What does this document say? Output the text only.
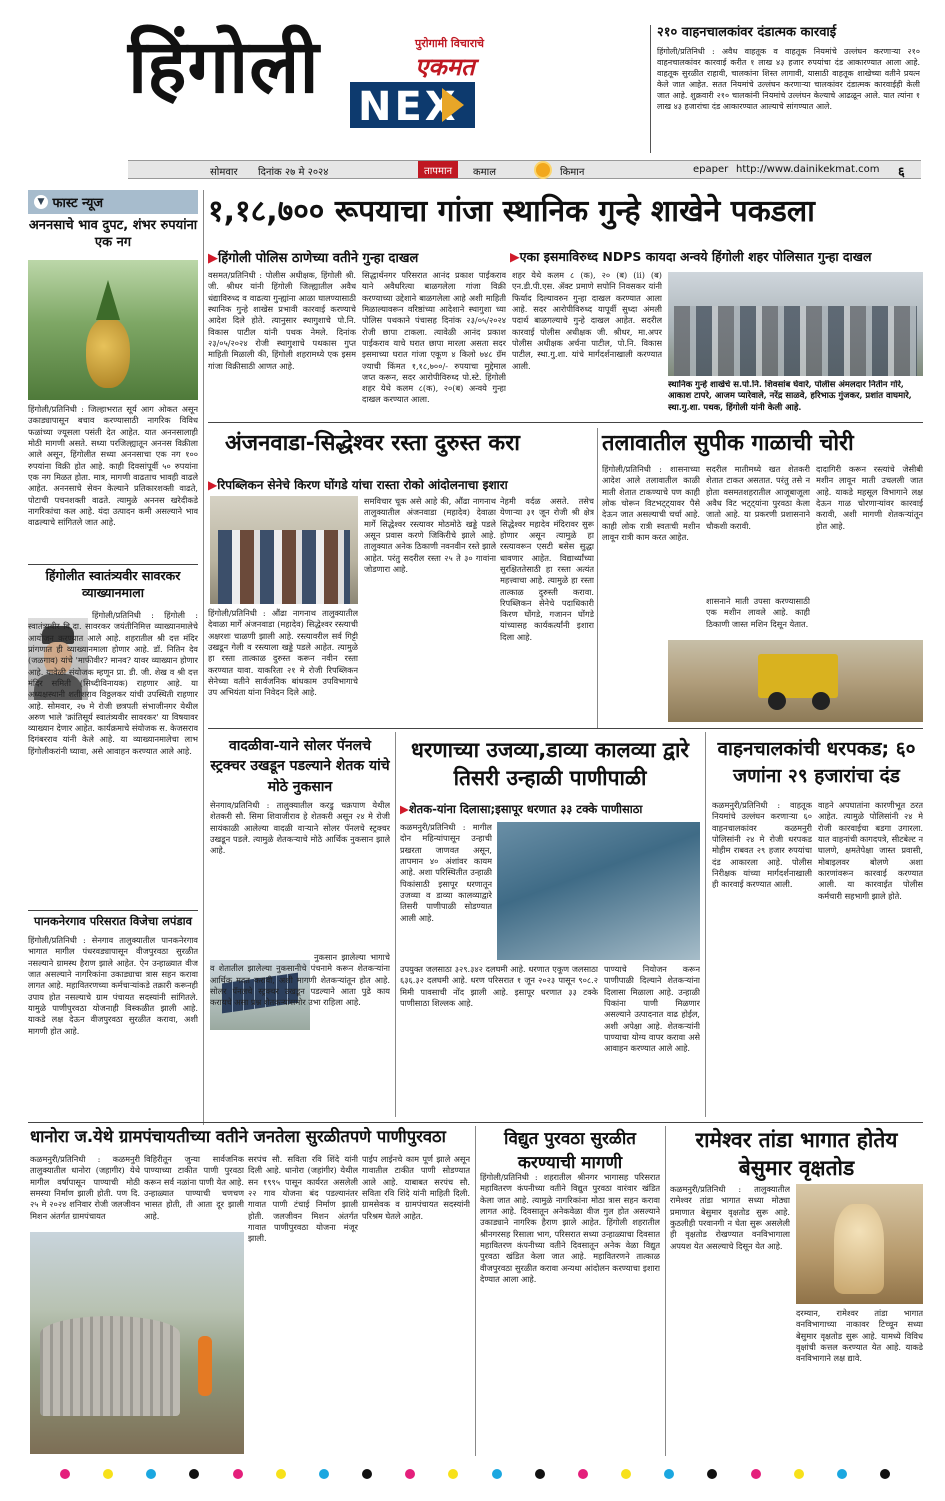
हिंगोली	पुरोगामी विचाराचे
एकमत
NEX
२१० वाहनचालकांवर दंडात्मक कारवाई
हिंगोली/प्रतिनिधी : अवैध वाहतूक व वाहतूक नियमांचे उल्लंघन करणाऱ्या २१० वाहनचालकांवर कारवाई करीत १ लाख ४३ हजार रुपयांचा दंड आकारण्यात आला आहे. वाहतूक सुरळीत राहावी, चालकांना शिस्त लागावी, यासाठी वाहतूक शाखेच्या वतीने प्रयत्न केले जात आहेत. सतत नियमांचे उल्लंघन करणाऱ्या चालकांवर दंडात्मक कारवाईही केली जात आहे. शुक्रवारी २१० चालकांनी नियमांचे उल्लंघन केल्याचे आढळून आले. यात त्यांना १ लाख ४३ हजारांचा दंड आकारण्यात आल्याचे सांगण्यात आले.
सोमवार दिनांक २७ मे २०२४	तापमान	कमाल	किमान	epaper http://www.dainikekmat.com ६
▼ फास्ट न्यूज
अननसाचे भाव दुपट, शंभर रुपयांना एक नग
हिंगोली/प्रतिनिधी : जिल्हाभरात सूर्य आग ओकत असून उकाड्यापासून बचाव करण्यासाठी नागरिक विविध फळांच्या ज्यूसला पसंती देत आहेत. यात अननसालाही मोठी मागणी असते. सध्या परजिल्ह्यातून अननस विक्रीला आले असून, हिंगोलीत सध्या अननसाचा एक नग १०० रुपयांना विक्री होत आहे. काही दिवसांपूर्वी ५० रुपयांना एक नग मिळत होता. मात्र, मागणी वाढताच भावही वाढले आहेत. अननसाचे सेवन केल्याने प्रतिकारशक्ती वाढते, पोटाची पचनशक्ती वाढते. त्यामुळे अननस खरेदीकडे नागरिकांचा कल आहे. यंदा उत्पादन कमी असल्याने भाव वाढल्याचे सांगितले जात आहे.
हिंगोलीत स्वातंत्र्यवीर सावरकर व्याख्यानमाला
हिंगोली/प्रतिनिधी : हिंगोली : स्वातंत्र्यवीर वि.दा. सावरकर जयंतीनिमित्त व्याख्यानमालेचे आयोजन करण्यात आले आहे. शहरातील श्री दत्त मंदिर प्रांगणात ही व्याख्यानमाला होणार आहे. डॉ. नितिन देव (जळगाव) यांचे 'माफीवीर? मानव? यावर व्याख्यान होणार आहे. यावेळी संयोजक म्हणून प्रा. डी. जी. शेख व श्री दत्त मंदिर समिती (सिध्दीविनायक) राहणार आहे. या अध्यक्षस्थानी शतीशराव विठ्ठलकर यांची उपस्थिती राहणार आहे. सोमवार, २७ मे रोजी छत्रपती संभाजीनगर येथील अरुण भाले 'क्रांतिसूर्य स्वातंत्र्यवीर सावरकर' या विषयावर व्याख्यान देणार आहेत. कार्यक्रमाचे संयोजक स. केजसराव दिगंबरराव यांनी केले आहे. या व्याख्यानमालेचा लाभ हिंगोलीकरांनी घ्यावा, असे आवाहन करण्यात आले आहे.
पानकनेरगाव परिसरात विजेचा लपंडाव
हिंगोली/प्रतिनिधी : सेनगाव तालुक्यातील पानकनेरगाव भागात मागील पंधरवड्यापासून वीजपुरवठा सुरळीत नसल्याने ग्रामस्थ हैराण झाले आहेत. ऐन उन्हाळ्यात वीज जात असल्याने नागरिकांना उकाड्याचा त्रास सहन करावा लागत आहे. महावितरणच्या कर्मचाऱ्यांकडे तक्रारी करूनही उपाय होत नसल्याचे ग्राम पंचायत सदस्यांनी सांगितले. यामुळे पाणीपुरवठा योजनाही विस्कळीत झाली आहे. याकडे लक्ष देऊन वीजपुरवठा सुरळीत करावा, अशी मागणी होत आहे.
१,१८,७०० रूपयाचा गांजा स्थानिक गुन्हे शाखेने पकडला
▶हिंगोली पोलिस ठाणेच्या वतीने गुन्हा दाखल	▶एका इसमाविरुध्द NDPS कायदा अन्वये हिंगोली शहर पोलिसात गुन्हा दाखल
वसमत/प्रतिनिधी : पोलीस अधीक्षक, हिंगोली श्री. जी. श्रीधर यांनी हिंगोली जिल्ह्यातील अवैध धंद्याविरुध्द व वाढत्या गुन्ह्यांना आळा घालण्यासाठी स्थानिक गुन्हे शाखेस प्रभावी कारवाई करण्याचे आदेश दिले होते. त्यानुसार स्थागुशाचे पो.नि. विकास पाटील यांनी पथक नेमले. दिनांक २३/०५/२०२४ रोजी स्थागुशाचे पथकास गुप्त माहिती मिळाली की, हिंगोली शहरामध्ये एक इसम गांजा विक्रीसाठी आणत आहे.
सिद्धार्थनगर परिसरात आनंद प्रकाश पाईकराव याने अवैधरित्या बाळगलेला गांजा विक्री करण्याच्या उद्देशाने बाळगलेला आहे अशी माहिती मिळाल्यावरून वरिष्ठांच्या आदेशाने स्थागुशा च्या पोलिस पथकाने पंचासह दिनांक २३/०५/२०२४ रोजी छापा टाकला. त्यावेळी आनंद प्रकाश पाईकराव याचे घरात छापा मारला असता सदर इसमाच्या घरात गांजा एकूण ४ किलो ७४८ ग्रॅम ज्याची किंमत १,१८,७००/- रुपयाचा मुद्देमाल जप्त करून, सदर आरोपीविरुध्द पो.स्टे. हिंगोली शहर येथे कलम ८(क), २०(ब) अन्वये गुन्हा दाखल करण्यात आला.
शहर येथे कलम ८ (क), २० (ब) (ii) (ब) एन.डी.पी.एस. ॲक्ट प्रमाणे सपोनि निवसकर यांनी फिर्याद दिल्यावरुन गुन्हा दाखल करण्यात आला आहे. सदर आरोपीविरुध्द यापूर्वी सुध्दा अंमली पदार्थ बाळगल्याचे गुन्हे दाखल आहेत. सदरील कारवाई पोलीस अधीक्षक जी. श्रीधर, मा.अपर पोलीस अधीक्षक अर्चना पाटील, पो.नि. विकास पाटील, स्था.गु.शा. यांचे मार्गदर्शनाखाली करण्यात आली.
स्थानिक गुन्हे शाखेचे स.पो.नि. शिवसांब घेवारे, पोलीस अंमलदार नितीन गोरे, आकाश टापरे, आजम प्यारेवाले, नरेंद्र साळवे, हरिभाऊ गुंजकर, प्रशांत वाघमारे, स्था.गु.शा. पथक, हिंगोली यांनी केली आहे.
अंजनवाडा-सिद्धेश्वर रस्ता दुरुस्त करा
▶रिपब्लिकन सेनेचे किरण घोंगडे यांचा रास्ता रोको आंदोलनाचा इशारा
हिंगोली/प्रतिनिधी : औंढा नागनाथ तालुक्यातील देवाळा मार्गे अंजनवाडा (महादेव) सिद्धेश्वर रस्त्याची अक्षरशः चाळणी झाली आहे. रस्त्यावरील सर्व गिट्टी उखडून गेली व रस्त्याला खड्डे पडले आहेत. त्यामुळे हा रस्ता तात्काळ दुरुस्त करून नवीन रस्ता करण्यात यावा. याकरिता २१ मे रोजी रिपब्लिकन सेनेच्या वतीने सार्वजनिक बांधकाम उपविभागाचे उप अभियंता यांना निवेदन दिले आहे.
समविचार चूक असे आहे की, औंढा नागनाथ तालुक्यातील अंजनवाडा (महादेव) देवाळा मार्गे सिद्धेश्वर रस्त्यावर मोठमोठे खड्डे पडले असून प्रवास करणे जिकिरीचे झाले आहे. तालुक्यात अनेक ठिकाणी नवनवीन रस्ते झाले आहेत. परंतु सदरील रस्ता २५ ते ३० गावांना जोडणारा आहे.
नेहमी वर्दळ असते. तसेच येणाऱ्या ३१ जून रोजी श्री क्षेत्र सिद्धेश्वर महादेव मंदिरावर सुरू होणार असून त्यामुळे हा रस्त्यावरून एसटी बसेस सुद्धा धावणार आहेत. विद्यार्थ्यांच्या सुरक्षिततेसाठी हा रस्ता अत्यंत महत्त्वाचा आहे. त्यामुळे हा रस्ता तात्काळ दुरुस्ती करावा. रिपब्लिकन सेनेचे पदाधिकारी किरण घोंगडे, गजानन घोंगडे यांच्यासह कार्यकर्त्यांनी इशारा दिला आहे.
तलावातील सुपीक गाळाची चोरी
हिंगोली/प्रतिनिधी : शासनाच्या आदेश आले तलावातील काळी माती शेतात टाकण्याचे पण काही लोक चोरून विटभट्ट्यावर पैसे देऊन जात असल्याची चर्चा आहे. काही लोक रात्री स्वतःची मशीन लावून रात्री काम करत आहेत.
सदरील मातीमध्ये खत शेतकरी शेतात टाकत असतात. परंतु तसे न होता वसमतशहरातील आजूबाजूला अवैध विट भट्ट्यांना पुरवठा केला जातो आहे. या प्रकरणी प्रशासनाने चौकशी करावी.
दादागिरी करून रस्त्यांचे जेसीबी मशीन लावून माती उचलली जात आहे. याकडे महसूल विभागाने लक्ष देऊन गाळ चोरणाऱ्यांवर कारवाई करावी, अशी मागणी शेतकऱ्यांतून होत आहे.
शासनाने माती उपसा करण्यासाठी एक मशीन लावले आहे. काही ठिकाणी जास्त मशिन दिसून येतात.
वादळीवा-याने सोलर पॅनलचे स्ट्रक्चर उखडून पडल्याने शेतक यांचे मोठे नुकसान
सेनगाव/प्रतिनिधी : तालुक्यातील करडु चक्रपाण येथील शेतकरी सौ. सिमा शिवाजीराव हे शेतकरी असून २४ मे रोजी सायंकाळी आलेल्या वादळी वाऱ्याने सोलर पॅनलचे स्ट्रक्चर उखडून पडले. त्यामुळे शेतकऱ्याचे मोठे आर्थिक नुकसान झाले आहे.
नुकसान झालेल्या भागाचे व शेतातील झालेल्या नुकसानीचे पंचनामे करून शेतकऱ्यांना आर्थिक मदत करावी, अशी मागणी शेतकऱ्यांतून होत आहे. सोलर पॅनलचे स्ट्रक्चर उखडून पडल्याने आता पुढे काय करायचे असा प्रश्न शेतकऱ्यांसमोर उभा राहिला आहे.
धरणाच्या उजव्या,डाव्या कालव्या द्वारे तिसरी उन्हाळी पाणीपाळी
▶शेतक-यांना दिलासा;इसापूर धरणात ३३ टक्के पाणीसाठा
कळमनुरी/प्रतिनिधी : मागील दोन महिन्यांपासून उन्हाची प्रखरता जाणवत असून, तापमान ४० अंशांवर कायम आहे. अशा परिस्थितीत उन्हाळी पिकांसाठी इसापूर धरणातून उजव्या व डाव्या कालव्याद्वारे तिसरी पाणीपाळी सोडण्यात आली आहे.
उपयुक्त जलसाठा ३२९.३४२ दलघमी आहे. धरणात एकूण जलसाठा ६३६.३२ दलघमी आहे. धरण परिसरात १ जून २०२३ पासून ९०८.२ मिमी पावसाची नोंद झाली आहे. इसापूर धरणात ३३ टक्के पाणीसाठा शिल्लक आहे.
पाण्याचे नियोजन करून पाणीपाळी दिल्याने शेतकऱ्यांना दिलासा मिळाला आहे. उन्हाळी पिकांना पाणी मिळणार असल्याने उत्पादनात वाढ होईल, अशी अपेक्षा आहे. शेतकऱ्यांनी पाण्याचा योग्य वापर करावा असे आवाहन करण्यात आले आहे.
वाहनचालकांची धरपकड; ६० जणांना २९ हजारांचा दंड
कळमनुरी/प्रतिनिधी : वाहतूक नियमांचे उल्लंघन करणाऱ्या ६० वाहनचालकांवर कळमनुरी पोलिसांनी २४ मे रोजी धरपकड मोहीम राबवत २९ हजार रुपयांचा दंड आकारला आहे. पोलीस निरीक्षक यांच्या मार्गदर्शनाखाली ही कारवाई करण्यात आली.
वाहने अपघातांना कारणीभूत ठरत आहेत. त्यामुळे पोलिसांनी २४ मे रोजी कारवाईचा बडगा उगारला. यात वाहनांची कागदपत्रे, सीटबेल्ट न घालणे, क्षमतेपेक्षा जास्त प्रवासी, मोबाइलवर बोलणे अशा कारणांवरून कारवाई करण्यात आली. या कारवाईत पोलीस कर्मचारी सहभागी झाले होते.
धानोरा ज.येथे ग्रामपंचायतीच्या वतीने जनतेला सुरळीतपणे पाणीपुरवठा
कळमनुरी/प्रतिनिधी : कळमनुरी तालुक्यातील धानोरा (जहागीर) येथे मागील वर्षापासून पाण्याची मोठी समस्या निर्माण झाली होती. पण दि. २५ मे २०२४ शनिवार रोजी जलजीवन मिशन अंतर्गत ग्रामपंचायत
विहिरीतून जुन्या सार्वजनिक पाण्याच्या टाकीत पाणी पुरवठा करून सर्व नळांना पाणी येत आहे. उन्हाळ्यात पाण्याची चणचण भासत होती, ती आता दूर झाली आहे.
सरपंच सौ. सविता रवि शिंदे यांनी दिली आहे. धानोरा (जहांगीर) येथील सन १९९५ पासून कार्यरत असलेली २२ गाव योजना बंद पडल्यानंतर गावात पाणी टंचाई निर्माण झाली होती. जलजीवन मिशन अंतर्गत गावात पाणीपुरवठा योजना मंजूर झाली.
पाईप लाईनचे काम पूर्ण झाले असून गावातील टाकीत पाणी सोडण्यात आले आहे. याबाबत सरपंच सौ. सविता रवि शिंदे यांनी माहिती दिली. ग्रामसेवक व ग्रामपंचायत सदस्यांनी परिश्रम घेतले आहेत.
विद्युत पुरवठा सुरळीत करण्याची मागणी
हिंगोली/प्रतिनिधी : शहरातील श्रीनगर भागासह परिसरात महावितरण कंपनीच्या वतीने विद्युत पुरवठा वारंवार खंडित केला जात आहे. त्यामुळे नागरिकांना मोठा त्रास सहन करावा लागत आहे. दिवसातून अनेकवेळा वीज गुल होत असल्याने उकाड्याने नागरिक हैराण झाले आहेत. हिंगोली शहरातील श्रीनगरसह रिसाला भाग, परिसरात सध्या उन्हाळ्याचा दिवसात महावितरण कंपनीच्या वतीने दिवसातून अनेक वेळा विद्युत पुरवठा खंडित केला जात आहे. महावितरणने तात्काळ वीजपुरवठा सुरळीत करावा अन्यथा आंदोलन करण्याचा इशारा देण्यात आला आहे.
रामेश्वर तांडा भागात होतेय बेसुमार वृक्षतोड
कळमनुरी/प्रतिनिधी : तालुक्यातील रामेश्वर तांडा भागात सध्या मोठ्या प्रमाणात बेसुमार वृक्षतोड सुरू आहे. कुठलीही परवानगी न घेता सुरू असलेली ही वृक्षतोड रोखण्यात वनविभागाला अपयश येत असल्याचे दिसून येत आहे.
दरम्यान, रामेश्वर तांडा भागात वनविभागाच्या नाकावर टिच्चून सध्या बेसुमार वृक्षतोड सुरू आहे. यामध्ये विविध वृक्षांची कत्तल करण्यात येत आहे. याकडे वनविभागाने लक्ष द्यावे.
